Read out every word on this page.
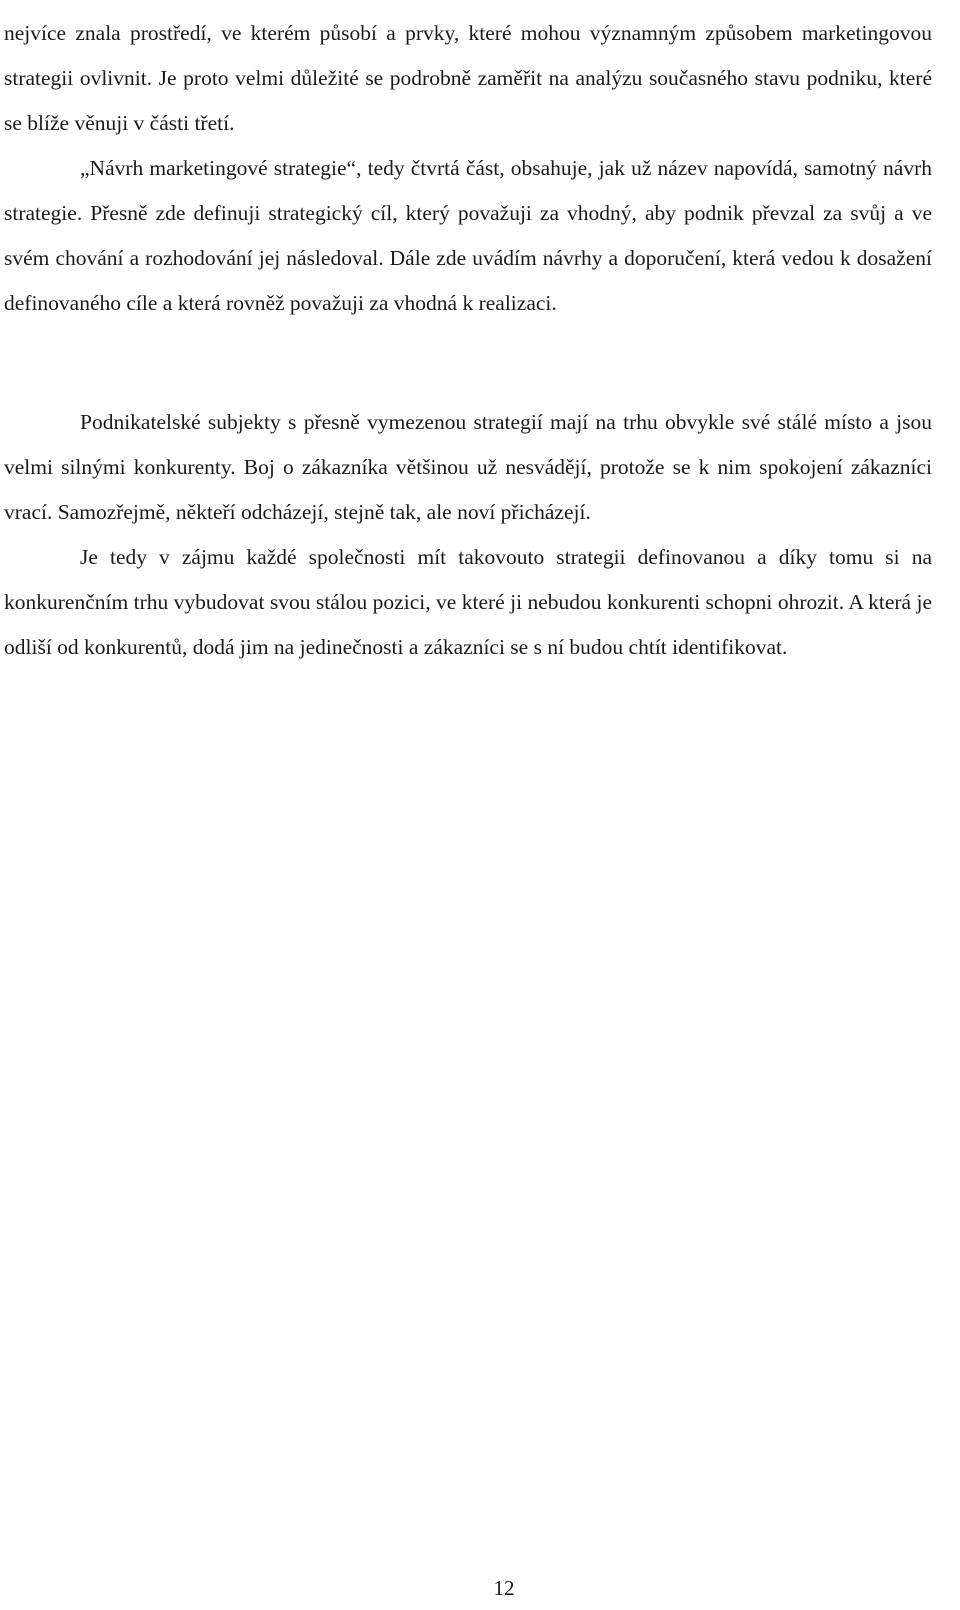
nejvíce znala prostředí, ve kterém působí a prvky, které mohou významným způsobem marketingovou strategii ovlivnit. Je proto velmi důležité se podrobně zaměřit na analýzu současného stavu podniku, které se blíže věnuji v části třetí.

„Návrh marketingové strategie“, tedy čtvrtá část, obsahuje, jak už název napovídá, samotný návrh strategie. Přesně zde definuji strategický cíl, který považuji za vhodný, aby podnik převzal za svůj a ve svém chování a rozhodování jej následoval. Dále zde uvádím návrhy a doporučení, která vedou k dosažení definovaného cíle a která rovněž považuji za vhodná k realizaci.

Podnikatelské subjekty s přesně vymezenou strategií mají na trhu obvykle své stálé místo a jsou velmi silnými konkurenty. Boj o zákazníka většinou už nesvádějí, protože se k nim spokojení zákazníci vrací. Samozřejmě, někteří odcházejí, stejně tak, ale noví přicházejí.

Je tedy v zájmu každé společnosti mít takovouto strategii definovanou a díky tomu si na konkurenčním trhu vybudovat svou stálou pozici, ve které ji nebudou konkurenti schopni ohrozit. A která je odliší od konkurentů, dodá jim na jedinečnosti a zákazníci se s ní budou chtít identifikovat.

12
